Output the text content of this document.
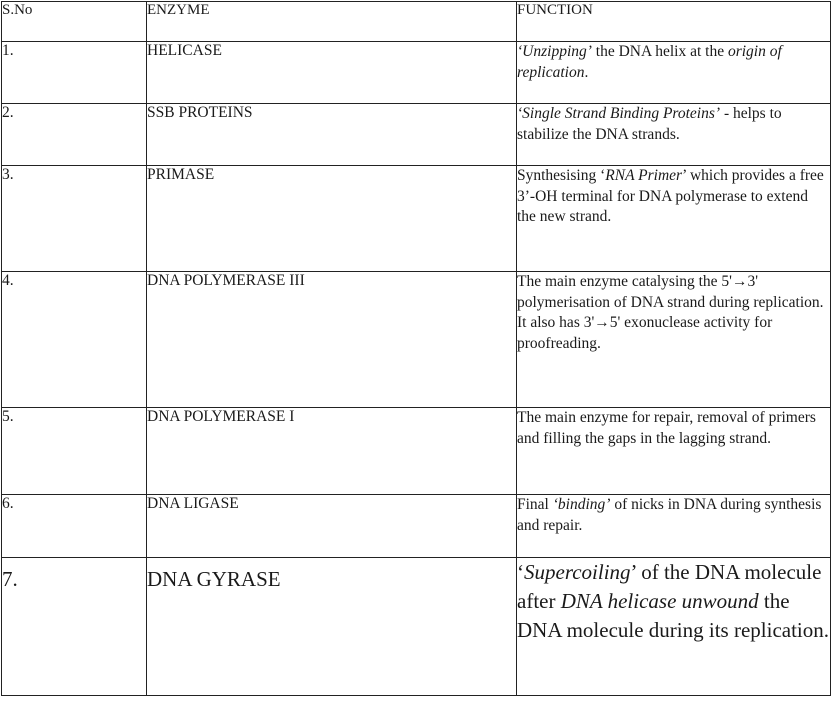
S.No	ENZYME	FUNCTION
1.	HELICASE	‘Unzipping’ the DNA helix at the origin of replication.
2.	SSB PROTEINS	‘Single Strand Binding Proteins’ - helps to stabilize the DNA strands.
3.	PRIMASE	Synthesising ‘RNA Primer’ which provides a free 3’-OH terminal for DNA polymerase to extend the new strand.
4.	DNA POLYMERASE III	The main enzyme catalysing the 5'→3' polymerisation of DNA strand during replication. It also has 3'→5' exonuclease activity for proofreading.
5.	DNA POLYMERASE I	The main enzyme for repair, removal of primers and filling the gaps in the lagging strand.
6.	DNA LIGASE	Final ‘binding’ of nicks in DNA during synthesis and repair.
7.	DNA GYRASE	‘Supercoiling’ of the DNA molecule after DNA helicase unwound the DNA molecule during its replication.
